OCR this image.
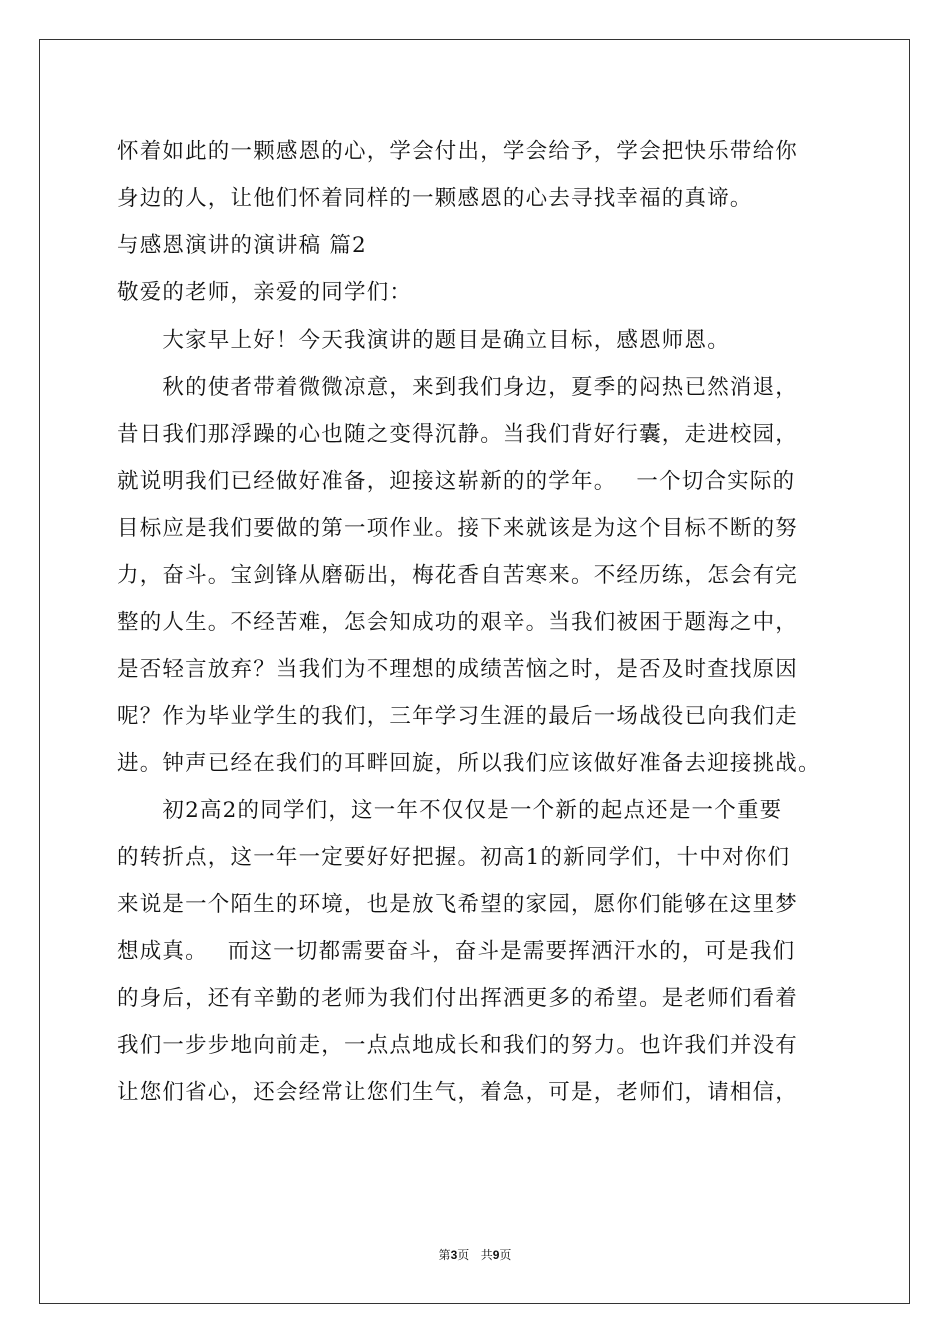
怀着如此的一颗感恩的心，学会付出，学会给予，学会把快乐带给你
身边的人，让他们怀着同样的一颗感恩的心去寻找幸福的真谛。
与感恩演讲的演讲稿 篇2
敬爱的老师，亲爱的同学们：
　　大家早上好！今天我演讲的题目是确立目标，感恩师恩。
　　秋的使者带着微微凉意，来到我们身边，夏季的闷热已然消退，
昔日我们那浮躁的心也随之变得沉静。当我们背好行囊，走进校园，
就说明我们已经做好准备，迎接这崭新的的学年。　 一个切合实际的
目标应是我们要做的第一项作业。接下来就该是为这个目标不断的努
力，奋斗。宝剑锋从磨砺出，梅花香自苦寒来。不经历练，怎会有完
整的人生。不经苦难，怎会知成功的艰辛。当我们被困于题海之中，
是否轻言放弃？当我们为不理想的成绩苦恼之时，是否及时查找原因
呢？作为毕业学生的我们，三年学习生涯的最后一场战役已向我们走
进。钟声已经在我们的耳畔回旋，所以我们应该做好准备去迎接挑战。
　　初2高2的同学们，这一年不仅仅是一个新的起点还是一个重要
的转折点，这一年一定要好好把握。初高1的新同学们，十中对你们
来说是一个陌生的环境，也是放飞希望的家园，愿你们能够在这里梦
想成真。　 而这一切都需要奋斗，奋斗是需要挥洒汗水的，可是我们
的身后，还有辛勤的老师为我们付出挥洒更多的希望。是老师们看着
我们一步步地向前走，一点点地成长和我们的努力。也许我们并没有
让您们省心，还会经常让您们生气，着急，可是，老师们，请相信，
第3页 共9页
